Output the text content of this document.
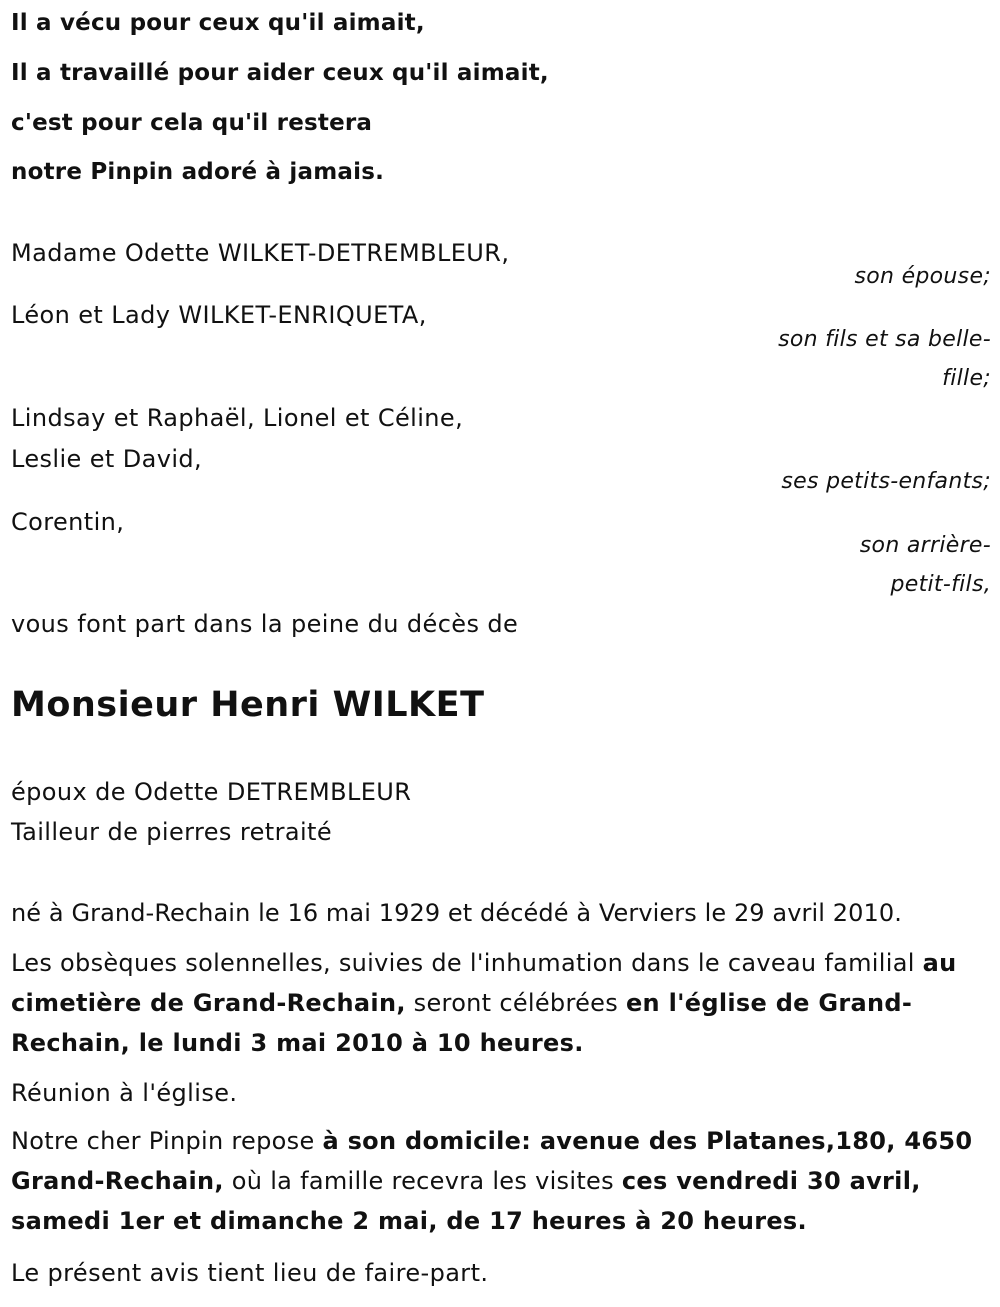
Il a vécu pour ceux qu'il aimait,
Il a travaillé pour aider ceux qu'il aimait,
c'est pour cela qu'il restera
notre Pinpin adoré à jamais.
Madame Odette WILKET-DETREMBLEUR,
son épouse;
Léon et Lady WILKET-ENRIQUETA,
son fils et sa belle-
fille;
Lindsay et Raphaël, Lionel et Céline,
Leslie et David,
ses petits-enfants;
Corentin,
son arrière-
petit-fils,
vous font part dans la peine du décès de
Monsieur Henri WILKET
époux de Odette DETREMBLEUR
Tailleur de pierres retraité
né à Grand-Rechain le 16 mai 1929 et décédé à Verviers le 29 avril 2010.
Les obsèques solennelles, suivies de l'inhumation dans le caveau familial au cimetière de Grand-Rechain, seront célébrées en l'église de Grand-Rechain, le lundi 3 mai 2010 à 10 heures.
Réunion à l'église.
Notre cher Pinpin repose à son domicile: avenue des Platanes,180, 4650 Grand-Rechain, où la famille recevra les visites ces vendredi 30 avril, samedi 1er et dimanche 2 mai, de 17 heures à 20 heures.
Le présent avis tient lieu de faire-part.
